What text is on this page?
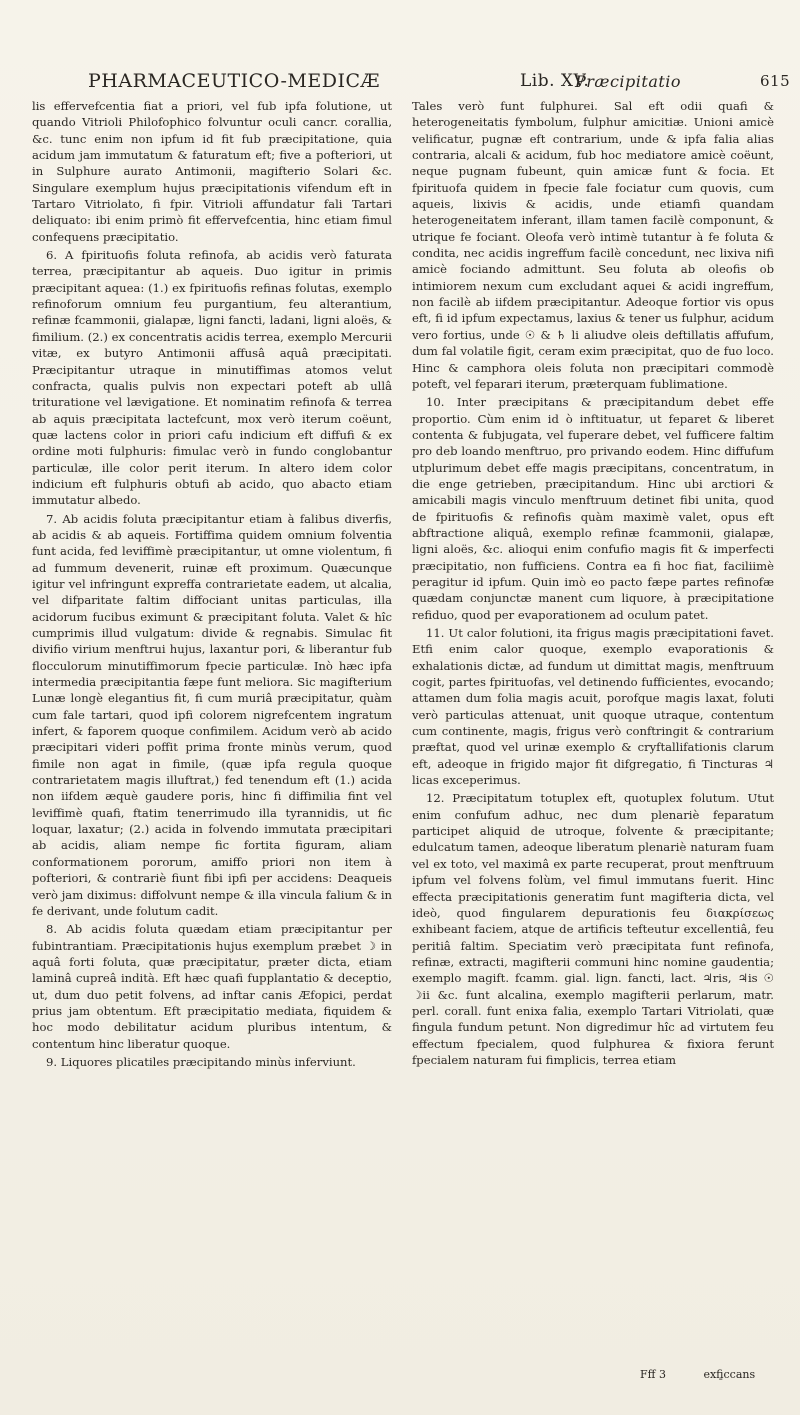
PHARMACEUTICO-MEDICÆ	Lib. XV.
Præcipitatio	615

lis effervefcentia fiat a priori, vel fub ipfa folutione, ut quando Vitrioli Philofophico folvuntur oculi cancr. corallia, &c. tunc enim non ipfum id fit fub præcipitatione, quia acidum jam immutatum & faturatum eft; five a pofteriori, ut in Sulphure aurato Antimonii, magifterio Solari &c. Singulare exemplum hujus præcipitationis vifendum eft in Tartaro Vitriolato, fi fpir. Vitrioli affundatur fali Tartari deliquato: ibi enim primò fit effervefcentia, hinc etiam fimul confequens præcipitatio.

6. A fpirituofis foluta refinofa, ab acidis verò faturata terrea, præcipitantur ab aqueis. Duo igitur in primis præcipitant aquea: (1.) ex fpirituofis refinas folutas, exemplo refinoforum omnium feu purgantium, feu alterantium, refinæ fcammonii, gialapæ, ligni fancti, ladani, ligni aloës, & fimilium. (2.) ex concentratis acidis terrea, exemplo Mercurii vitæ, ex butyro Antimonii affusâ aquâ præcipitati. Præcipitantur utraque in minutiffimas atomos velut confracta, qualis pulvis non expectari poteft ab ullâ trituratione vel lævigatione. Et nominatim refinofa & terrea ab aquis præcipitata lactefcunt, mox verò iterum coëunt, quæ lactens color in priori cafu indicium eft diffufi & ex ordine moti fulphuris: fimulac verò in fundo conglobantur particulæ, ille color perit iterum. In altero idem color indicium eft fulphuris obtufi ab acido, quo abacto etiam immutatur albedo.

7. Ab acidis foluta præcipitantur etiam à falibus diverfis, ab acidis & ab aqueis. Fortiffima quidem omnium folventia funt acida, fed leviffimè præcipitantur, ut omne violentum, fi ad fummum devenerit, ruinæ eft proximum. Quæcunque igitur vel infringunt expreffa contrarietate eadem, ut alcalia, vel difparitate faltim diffociant unitas particulas, illa acidorum fucibus eximunt & præcipitant foluta. Valet & hîc cumprimis illud vulgatum: divide & regnabis. Simulac fit divifio virium menftrui hujus, laxantur pori, & liberantur fub flocculorum minutiffimorum fpecie particulæ. Inò hæc ipfa intermedia præcipitantia fæpe funt meliora. Sic magifterium Lunæ longè elegantius fit, fi cum muriâ præcipitatur, quàm cum fale tartari, quod ipfi colorem nigrefcentem ingratum infert, & faporem quoque confimilem. Acidum verò ab acido præcipitari videri poffit prima fronte minùs verum, quod fimile non agat in fimile, (quæ ipfa regula quoque contrarietatem magis illuftrat,) fed tenendum eft (1.) acida non iifdem æquè gaudere poris, hinc fi diffimilia fint vel leviffimè quafi, ftatim tenerrimudo illa tyrannidis, ut fic loquar, laxatur; (2.) acida in folvendo immutata præcipitari ab acidis, aliam nempe fic fortita figuram, aliam conformationem pororum, amiffo priori non item à pofteriori, & contrariè fiunt fibi ipfi per accidens: Deaqueis verò jam diximus: diffolvunt nempe & illa vincula falium & in fe derivant, unde folutum cadit.

8. Ab acidis foluta quædam etiam præcipitantur per fubintrantiam. Præcipitationis hujus exemplum præbet ☽ in aquâ forti foluta, quæ præcipitatur, præter dicta, etiam laminâ cupreâ indità. Eft hæc quafi fupplantatio & deceptio, ut, dum duo petit folvens, ad inftar canis Æfopici, perdat prius jam obtentum. Eft præcipitatio mediata, fiquidem & hoc modo debilitatur acidum pluribus intentum, & contentum hinc liberatur quoque.

9. Liquores plicatiles præcipitando minùs inferviunt.

Tales verò funt fulphurei. Sal eft odii quafi & heterogeneitatis fymbolum, fulphur amicitiæ. Unioni amicè velificatur, pugnæ eft contrarium, unde & ipfa falia alias contraria, alcali & acidum, fub hoc mediatore amicè coëunt, neque pugnam fubeunt, quin amicæ funt & focia. Et fpirituofa quidem in fpecie fale fociatur cum quovis, cum aqueis, lixivis & acidis, unde etiamfi quandam heterogeneitatem inferant, illam tamen facilè componunt, & utrique fe fociant. Oleofa verò intimè tutantur à fe foluta & condita, nec acidis ingreffum facilè concedunt, nec lixiva nifi amicè fociando admittunt. Seu foluta ab oleofis ob intimiorem nexum cum excludant aquei & acidi ingreffum, non facilè ab iifdem præcipitantur. Adeoque fortior vis opus eft, fi id ipfum expectamus, laxius & tener us fulphur, acidum vero fortius, unde ☉ & ♄ li aliudve oleis deftillatis affufum, dum fal volatile figit, ceram exim præcipitat, quo de fuo loco. Hinc & camphora oleis foluta non præcipitari commodè poteft, vel feparari iterum, præterquam fublimatione.

10. Inter præcipitans & præcipitandum debet effe proportio. Cùm enim id ò inftituatur, ut feparet & liberet contenta & fubjugata, vel fuperare debet, vel fufficere faltim pro deb loando menftruo, pro privando eodem. Hinc diffufum utplurimum debet effe magis præcipitans, concentratum, in die enge getrieben, præcipitandum. Hinc ubi arctiori & amicabili magis vinculo menftruum detinet fibi unita, quod de fpirituofis & refinofis quàm maximè valet, opus eft abftractione aliquâ, exemplo refinæ fcammonii, gialapæ, ligni aloës, &c. alioqui enim confufio magis fit & imperfecti præcipitatio, non fufficiens. Contra ea fi hoc fiat, faciliimè peragitur id ipfum. Quin imò eo pacto fæpe partes refinofæ quædam conjunctæ manent cum liquore, à præcipitatione refiduo, quod per evaporationem ad oculum patet.

11. Ut calor folutioni, ita frigus magis præcipitationi favet. Etfi enim calor quoque, exemplo evaporationis & exhalationis dictæ, ad fundum ut dimittat magis, menftruum cogit, partes fpirituofas, vel detinendo fufficientes, evocando; attamen dum folia magis acuit, porofque magis laxat, foluti verò particulas attenuat, unit quoque utraque, contentum cum continente, magis, frigus verò conftringit & contrarium præftat, quod vel urinæ exemplo & cryftallifationis clarum eft, adeoque in frigido major fit difgregatio, fi Tincturas ♃ licas exceperimus.

12. Præcipitatum totuplex eft, quotuplex folutum. Utut enim confufum adhuc, nec dum plenariè feparatum participet aliquid de utroque, folvente & præcipitante; edulcatum tamen, adeoque liberatum plenariè naturam fuam vel ex toto, vel maximâ ex parte recuperat, prout menftruum ipfum vel folvens folùm, vel fimul immutans fuerit. Hinc effecta præcipitationis generatim funt magifteria dicta, vel ideò, quod fingularem depurationis feu διακρίσεως exhibeant faciem, atque de artificis tefteutur excellentiâ, feu peritiâ faltim. Speciatim verò præcipitata funt refinofa, refinæ, extracti, magifterii communi hinc nomine gaudentia; exemplo magift. fcamm. gial. lign. fancti, lact. ♃ris, ♃is ☉ ☽ii &c. funt alcalina, exemplo magifterii perlarum, matr. perl. corall. funt enixa falia, exemplo Tartari Vitriolati, quæ fingula fundum petunt. Non digredimur hîc ad virtutem feu effectum fpecialem, quod fulphurea & fixiora ferunt fpecialem naturam fui fimplicis, terrea etiam

Fff 3	exfi̱ccans
